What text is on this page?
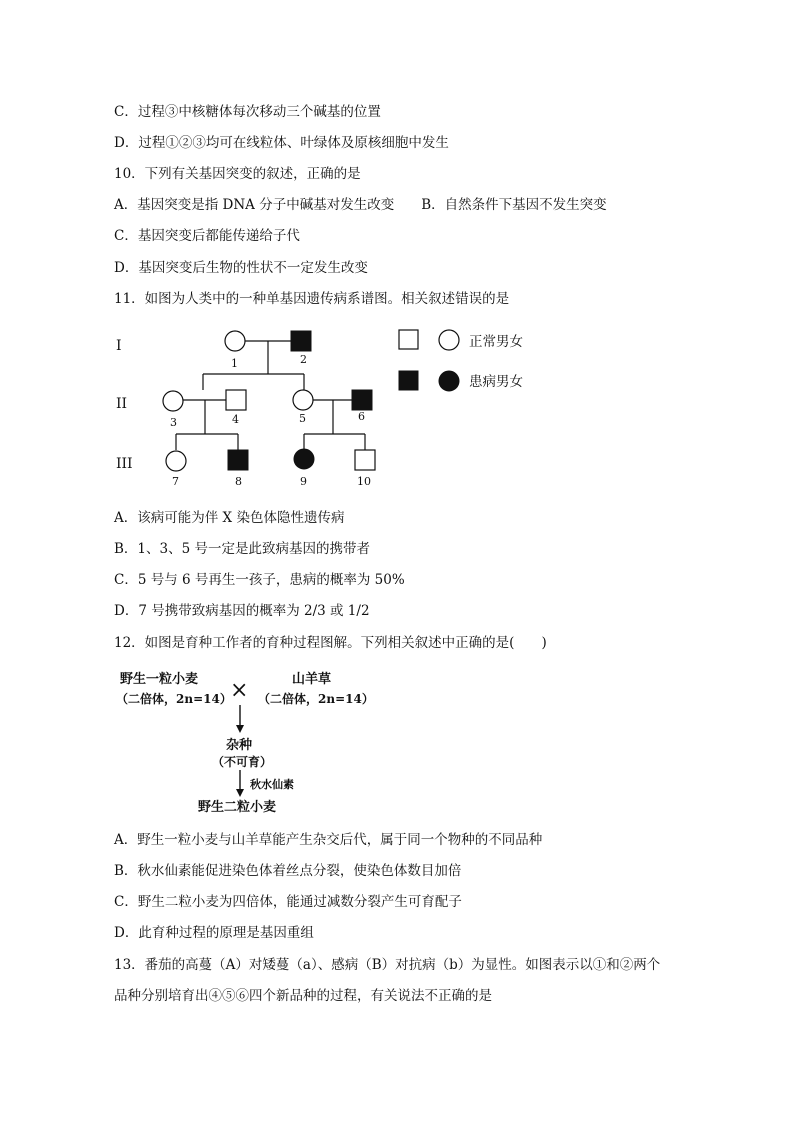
C．过程③中核糖体每次移动三个碱基的位置
D．过程①②③均可在线粒体、叶绿体及原核细胞中发生
10．下列有关基因突变的叙述，正确的是
A．基因突变是指 DNA 分子中碱基对发生改变　　B．自然条件下基因不发生突变
C．基因突变后都能传递给子代
D．基因突变后生物的性状不一定发生改变
11．如图为人类中的一种单基因遗传病系谱图。相关叙述错误的是
I
II
III
1	2
3	4	5	6
7	8	9	10
正常男女
患病男女
A．该病可能为伴 X 染色体隐性遗传病
B．1、3、5 号一定是此致病基因的携带者
C．5 号与 6 号再生一孩子，患病的概率为 50%
D．7 号携带致病基因的概率为 2/3 或 1/2
12．如图是育种工作者的育种过程图解。下列相关叙述中正确的是(　　)
野生一粒小麦
（二倍体，2n=14）
山羊草
（二倍体，2n=14）
×
杂种
（不可育）
秋水仙素
野生二粒小麦
A．野生一粒小麦与山羊草能产生杂交后代，属于同一个物种的不同品种
B．秋水仙素能促进染色体着丝点分裂，使染色体数目加倍
C．野生二粒小麦为四倍体，能通过减数分裂产生可育配子
D．此育种过程的原理是基因重组
13．番茄的高蔓（A）对矮蔓（a）、感病（B）对抗病（b）为显性。如图表示以①和②两个
品种分别培育出④⑤⑥四个新品种的过程，有关说法不正确的是
